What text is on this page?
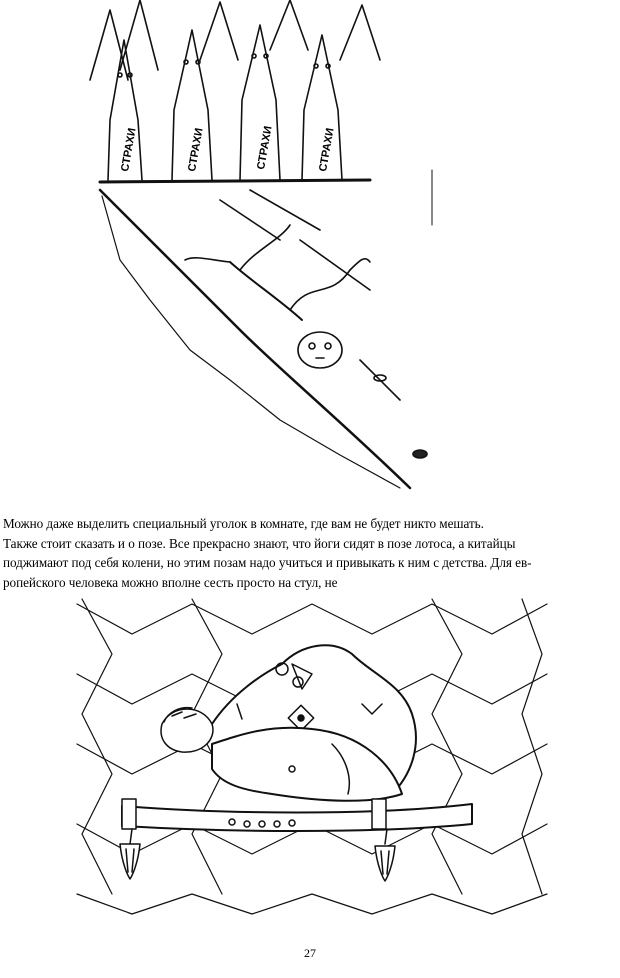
СТРАХИ	СТРАХИ	СТРАХИ	СТРАХИ
Можно даже выделить специальный уголок в комнате, где вам не будет никто мешать.
Также стоит сказать и о позе. Все прекрасно знают, что йоги сидят в позе лотоса, а китайцы
поджимают под себя колени, но этим позам надо учиться и привыкать к ним с детства. Для ев-
ропейского человека можно вполне сесть просто на стул, не
27
